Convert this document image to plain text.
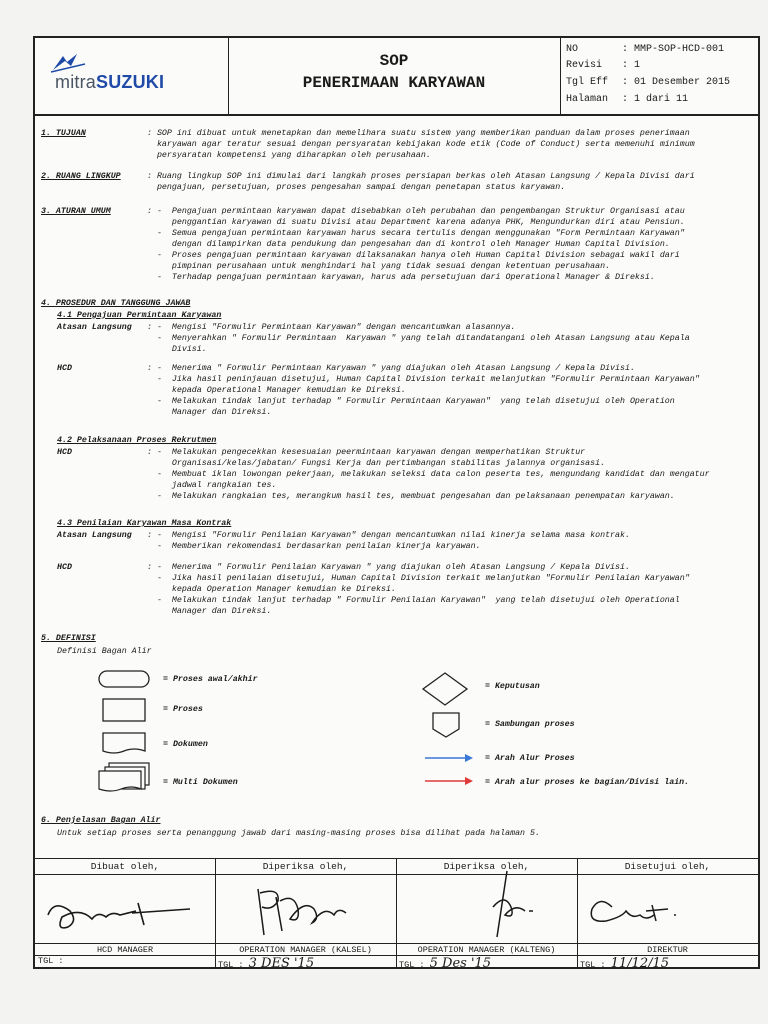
mitraSUZUKI
SOP
PENERIMAAN KARYAWAN
NO	: MMP-SOP-HCD-001
Revisi : 1
Tgl Eff : 01 Desember 2015
Halaman : 1 dari 11
1. TUJUAN	: SOP ini dibuat untuk menetapkan dan memelihara suatu sistem yang memberikan panduan dalam proses penerimaan
karyawan agar teratur sesuai dengan persyaratan kebijakan kode etik (Code of Conduct) serta memenuhi minimum
persyaratan kompetensi yang diharapkan oleh perusahaan.
2. RUANG LINGKUP	: Ruang lingkup SOP ini dimulai dari langkah proses persiapan berkas oleh Atasan Langsung / Kepala Divisi dari
pengajuan, persetujuan, proses pengesahan sampai dengan penetapan status karyawan.
3. ATURAN UMUM	: -  Pengajuan permintaan karyawan dapat disebabkan oleh perubahan dan pengembangan Struktur Organisasi atau
penggantian karyawan di suatu Divisi atau Department karena adanya PHK, Mengundurkan diri atau Pensiun.
-  Semua pengajuan permintaan karyawan harus secara tertulis dengan menggunakan "Form Permintaan Karyawan"
dengan dilampirkan data pendukung dan pengesahan dan di kontrol oleh Manager Human Capital Division.
-  Proses pengajuan permintaan karyawan dilaksanakan hanya oleh Human Capital Division sebagai wakil dari
pimpinan perusahaan untuk menghindari hal yang tidak sesuai dengan ketentuan perusahaan.
-  Terhadap pengajuan permintaan karyawan, harus ada persetujuan dari Operational Manager & Direksi.
4. PROSEDUR DAN TANGGUNG JAWAB
4.1 Pengajuan Permintaan Karyawan
Atasan Langsung : -  Mengisi "Formulir Permintaan Karyawan" dengan mencantumkan alasannya.
-  Menyerahkan " Formulir Permintaan  Karyawan " yang telah ditandatangani oleh Atasan Langsung atau Kepala
Divisi.
HCD	: -  Menerima " Formulir Permintaan Karyawan " yang diajukan oleh Atasan Langsung / Kepala Divisi.
-  Jika hasil peninjauan disetujui, Human Capital Division terkait melanjutkan "Formulir Permintaan Karyawan"
kepada Operational Manager kemudian ke Direksi.
-  Melakukan tindak lanjut terhadap " Formulir Permintaan Karyawan"  yang telah disetujui oleh Operation
Manager dan Direksi.
4.2 Pelaksanaan Proses Rekrutmen
HCD	: -  Melakukan pengecekkan kesesuaian peermintaan karyawan dengan memperhatikan Struktur
Organisasi/kelas/jabatan/ Fungsi Kerja dan pertimbangan stabilitas jalannya organisasi.
-  Membuat iklan lowongan pekerjaan, melakukan seleksi data calon peserta tes, mengundang kandidat dan mengatur
jadwal rangkaian tes.
-  Melakukan rangkaian tes, merangkum hasil tes, membuat pengesahan dan pelaksanaan penempatan karyawan.
4.3 Penilaian Karyawan Masa Kontrak
Atasan Langsung : -  Mengisi "Formulir Penilaian Karyawan" dengan mencantumkan nilai kinerja selama masa kontrak.
-  Memberikan rekomendasi berdasarkan penilaian kinerja karyawan.
HCD	: -  Menerima " Formulir Penilaian Karyawan " yang diajukan oleh Atasan Langsung / Kepala Divisi.
-  Jika hasil penilaian disetujui, Human Capital Division terkait melanjutkan "Formulir Penilaian Karyawan"
kepada Operation Manager kemudian ke Direksi.
-  Melakukan tindak lanjut terhadap " Formulir Penilaian Karyawan"  yang telah disetujui oleh Operational
Manager dan Direksi.
5. DEFINISI
Definisi Bagan Alir
= Proses awal/akhir
= Proses
= Dokumen
= Multi Dokumen
= Keputusan
= Sambungan proses
= Arah Alur Proses
= Arah alur proses ke bagian/Divisi lain.
6. Penjelasan Bagan Alir
Untuk setiap proses serta penanggung jawab dari masing-masing proses bisa dilihat pada halaman 5.
Dibuat oleh,
HCD MANAGER
TGL :
Diperiksa oleh,
OPERATION MANAGER (KALSEL)
TGL : 3 DES '15
Diperiksa oleh,
OPERATION MANAGER (KALTENG)
TGL : 5 Des '15
Disetujui oleh,
DIREKTUR
TGL : 11/12/15
